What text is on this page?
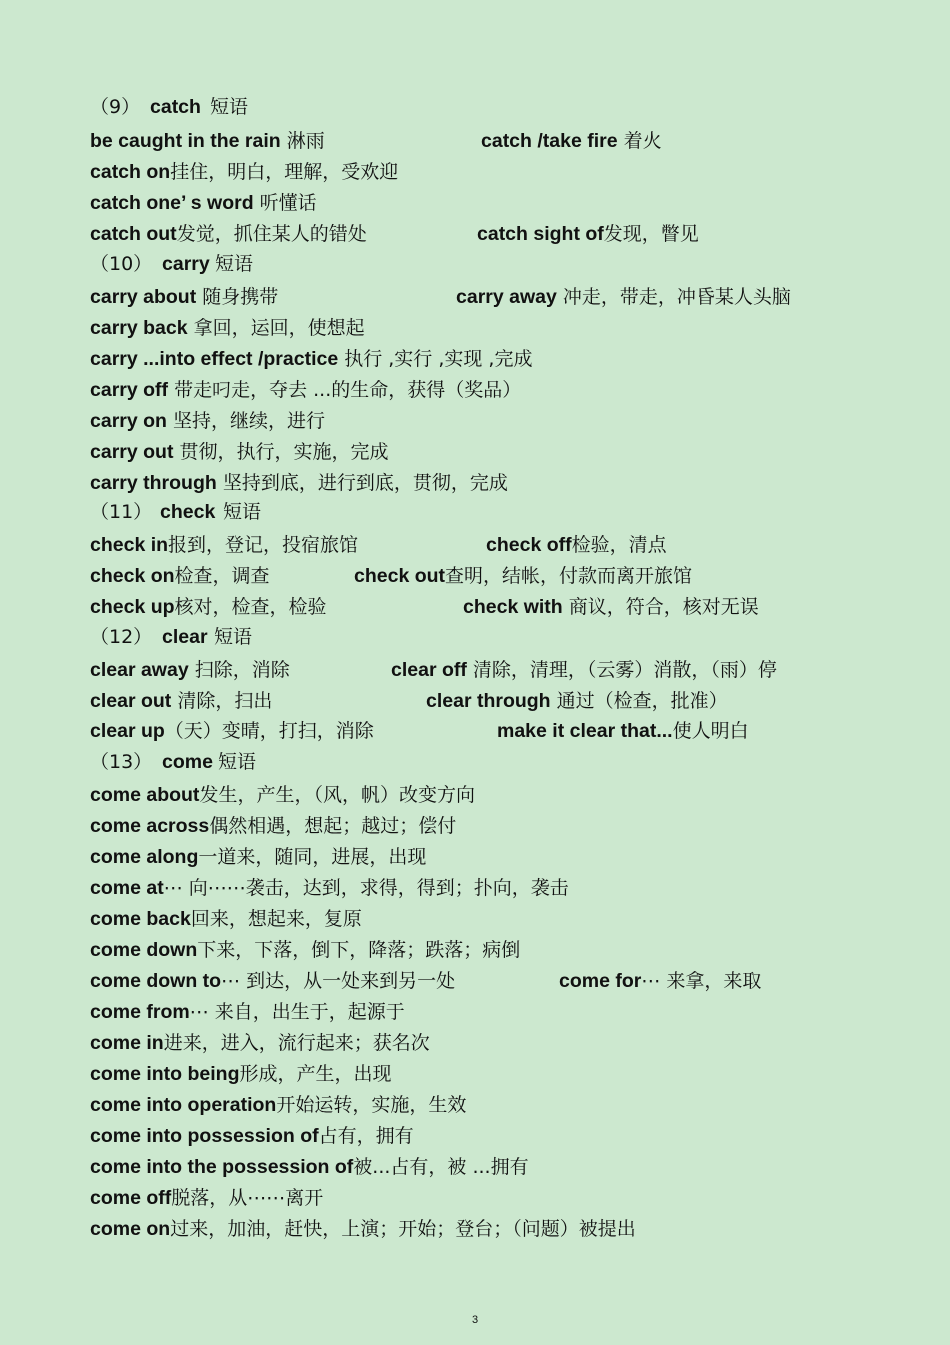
（9） catch 短语
be caught in the rain 淋雨	catch /take fire 着火
catch on挂住，明白，理解，受欢迎
catch one’ s word 听懂话
catch out发觉，抓住某人的错处	catch sight of发现，瞥见
（10） carry 短语
carry about 随身携带	carry away 冲走，带走，冲昏某人头脑
carry back 拿回，运回，使想起
carry ...into effect /practice 执行 ,实行 ,实现 ,完成
carry off 带走叼走，夺去 ...的生命，获得（奖品）
carry on 坚持，继续，进行
carry out 贯彻，执行，实施，完成
carry through 坚持到底，进行到底，贯彻，完成
（11） check 短语
check in报到，登记，投宿旅馆	check off检验，清点
check on检查，调查	check out查明，结帐，付款而离开旅馆
check up核对，检查，检验	check with 商议，符合，核对无误
（12） clear 短语
clear away 扫除，消除	clear off 清除，清理，（云雾）消散，（雨）停
clear out 清除，扫出	clear through 通过（检查，批准）
clear up（天）变晴，打扫，消除	make it clear that...使人明白
（13） come 短语
come about发生，产生，（风，帆）改变方向
come across偶然相遇，想起；越过；偿付
come along一道来，随同，进展，出现
come at⋯ 向⋯⋯袭击，达到，求得，得到；扑向，袭击
come back回来，想起来，复原
come down下来，下落，倒下，降落；跌落；病倒
come down to⋯ 到达，从一处来到另一处	come for⋯ 来拿，来取
come from⋯ 来自，出生于，起源于
come in进来，进入，流行起来；获名次
come into being形成，产生，出现
come into operation开始运转，实施，生效
come into possession of占有，拥有
come into the possession of被...占有，被 ...拥有
come off脱落，从⋯⋯离开
come on过来，加油，赶快，上演；开始；登台；（问题）被提出
3
